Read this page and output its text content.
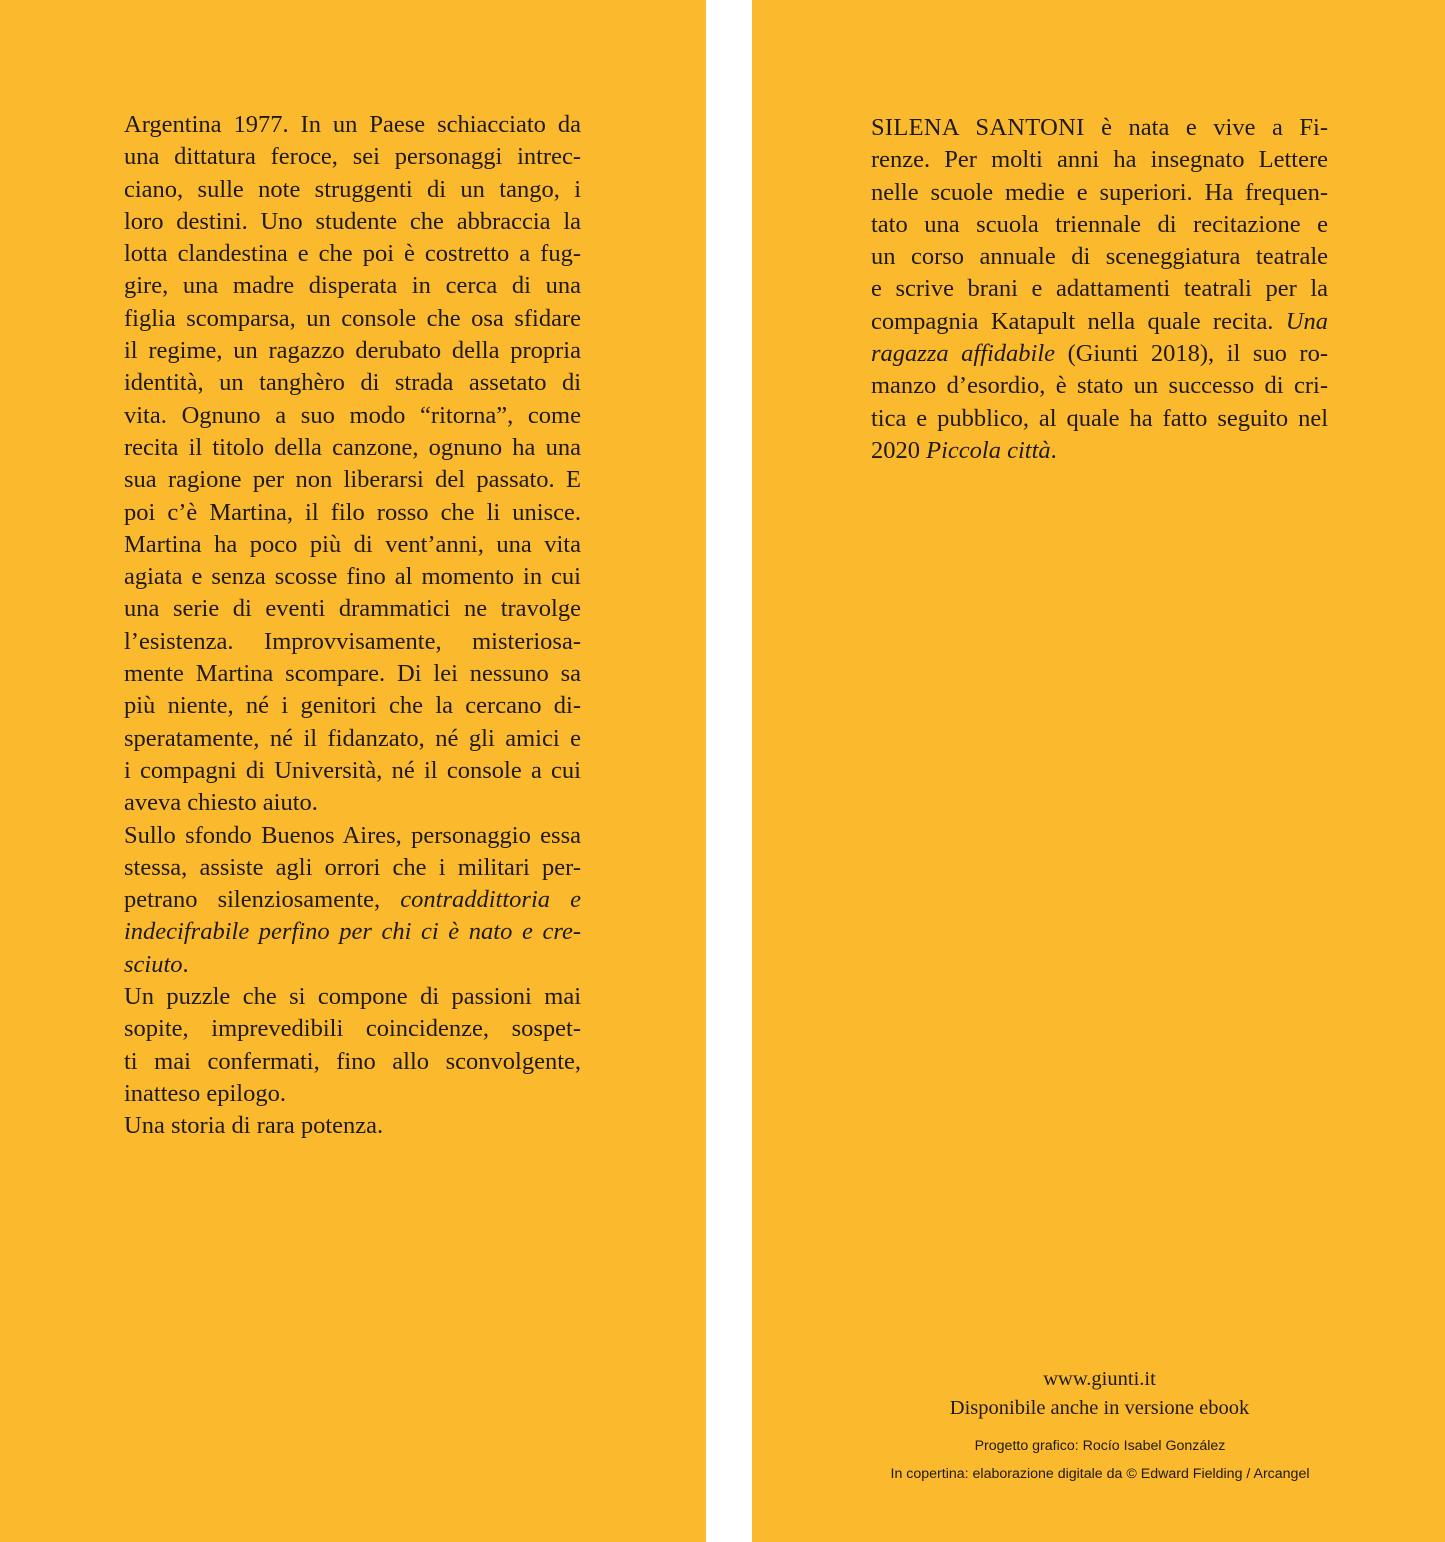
Argentina 1977. In un Paese schiacciato da
una dittatura feroce, sei personaggi intrec-
ciano, sulle note struggenti di un tango, i
loro destini. Uno studente che abbraccia la
lotta clandestina e che poi è costretto a fug-
gire, una madre disperata in cerca di una
figlia scomparsa, un console che osa sfidare
il regime, un ragazzo derubato della propria
identità, un tanghèro di strada assetato di
vita. Ognuno a suo modo “ritorna”, come
recita il titolo della canzone, ognuno ha una
sua ragione per non liberarsi del passato. E
poi c’è Martina, il filo rosso che li unisce.
Martina ha poco più di vent’anni, una vita
agiata e senza scosse fino al momento in cui
una serie di eventi drammatici ne travolge
l’esistenza. Improvvisamente, misteriosa-
mente Martina scompare. Di lei nessuno sa
più niente, né i genitori che la cercano di-
speratamente, né il fidanzato, né gli amici e
i compagni di Università, né il console a cui
aveva chiesto aiuto.
Sullo sfondo Buenos Aires, personaggio essa
stessa, assiste agli orrori che i militari per-
petrano silenziosamente, contraddittoria e
indecifrabile perfino per chi ci è nato e cre-
sciuto.
Un puzzle che si compone di passioni mai
sopite, imprevedibili coincidenze, sospet-
ti mai confermati, fino allo sconvolgente,
inatteso epilogo.
Una storia di rara potenza.
SILENA SANTONI è nata e vive a Fi-
renze. Per molti anni ha insegnato Lettere
nelle scuole medie e superiori. Ha frequen-
tato una scuola triennale di recitazione e
un corso annuale di sceneggiatura teatrale
e scrive brani e adattamenti teatrali per la
compagnia Katapult nella quale recita. Una
ragazza affidabile (Giunti 2018), il suo ro-
manzo d’esordio, è stato un successo di cri-
tica e pubblico, al quale ha fatto seguito nel
2020 Piccola città.
www.giunti.it
Disponibile anche in versione ebook
Progetto grafico: Rocío Isabel González
In copertina: elaborazione digitale da © Edward Fielding / Arcangel
